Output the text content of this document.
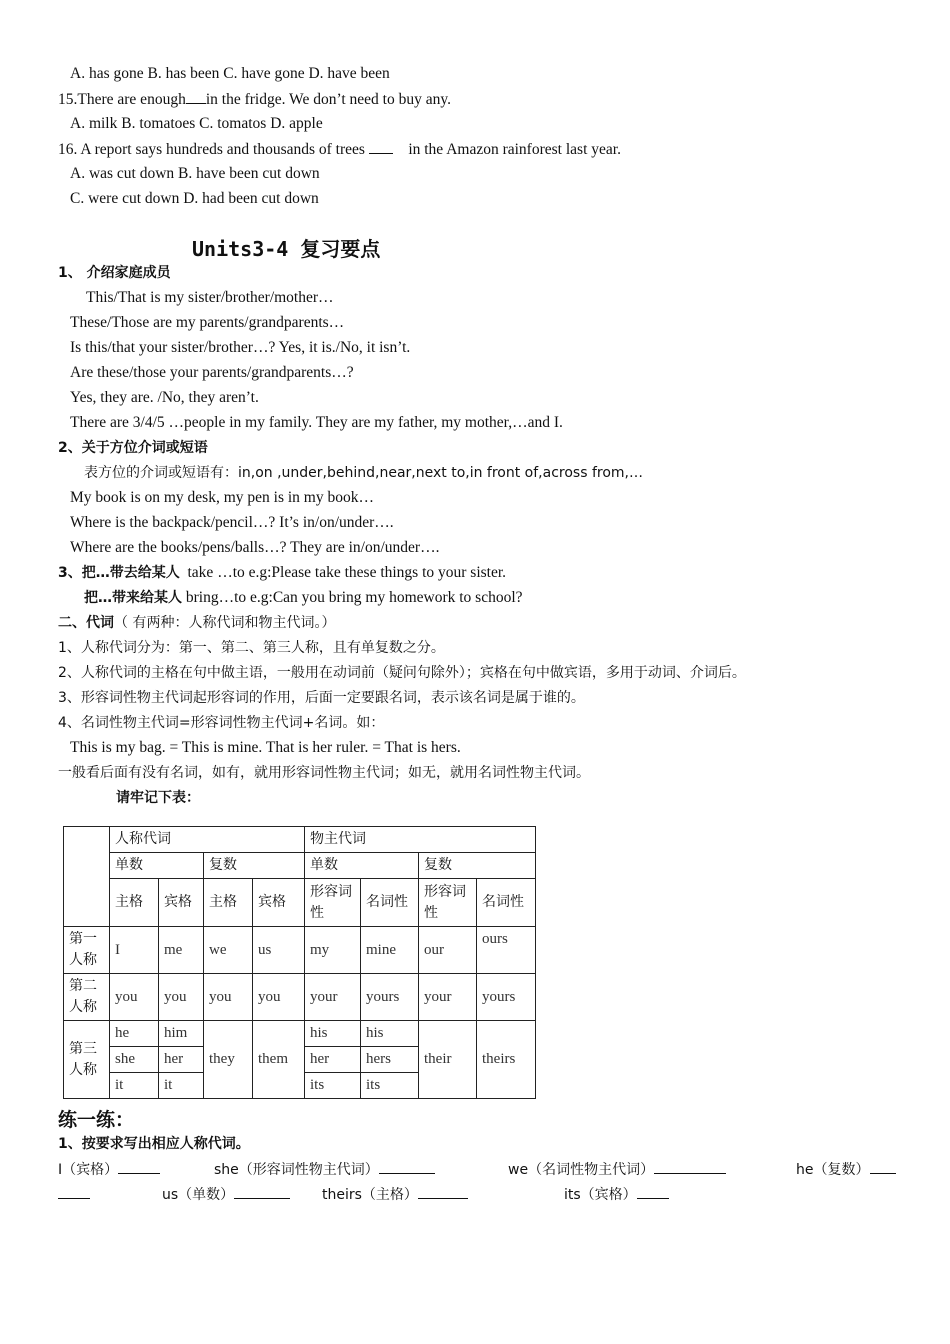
A. has gone B. has been C. have gone D. have been
15.There are enough in the fridge. We don’t need to buy any.
A. milk B. tomatoes C. tomatos D. apple
16. A report says hundreds and thousands of trees	in the Amazon rainforest last year.
A. was cut down B. have been cut down
C. were cut down D. had been cut down
Units3-4 复习要点
1、 介绍家庭成员
This/That is my sister/brother/mother…
These/Those are my parents/grandparents…
Is this/that your sister/brother…? Yes, it is./No, it isn’t.
Are these/those your parents/grandparents…?
Yes, they are. /No, they aren’t.
There are 3/4/5 …people in my family. They are my father, my mother,…and I.
2、关于方位介词或短语
表方位的介词或短语有：in,on ,under,behind,near,next to,in front of,across from,…
My book is on my desk, my pen is in my book…
Where is the backpack/pencil…? It’s in/on/under….
Where are the books/pens/balls…? They are in/on/under….
3、把…带去给某人 take …to e.g:Please take these things to your sister.
把…带来给某人 bring…to e.g:Can you bring my homework to school?
二、代词（ 有两种：人称代词和物主代词。）
1、人称代词分为：第一、第二、第三人称，且有单复数之分。
2、人称代词的主格在句中做主语，一般用在动词前（疑问句除外）；宾格在句中做宾语，多用于动词、介词后。
3、形容词性物主代词起形容词的作用，后面一定要跟名词，表示该名词是属于谁的。
4、名词性物主代词=形容词性物主代词+名词。如：
This is my bag. = This is mine. That is her ruler. = That is hers.
一般看后面有没有名词，如有，就用形容词性物主代词；如无，就用名词性物主代词。
请牢记下表：
	人称代词				物主代词			
	单数		复数		单数		复数	
	主格	宾格	主格	宾格	形容词性	名词性	形容词性	名词性
第一人称	I	me	we	us	my	mine	our	ours
第二人称	you	you	you	you	your	yours	your	yours
第三人称	he	him	they	them	his	his	their	theirs
	she	her			her	hers		
	it	it			its	its		
练一练：
1、按要求写出相应人称代词。
I（宾格）	she（形容词性物主代词）	we（名词性物主代词）	he（复数）
us（单数）	theirs（主格）	its（宾格）
